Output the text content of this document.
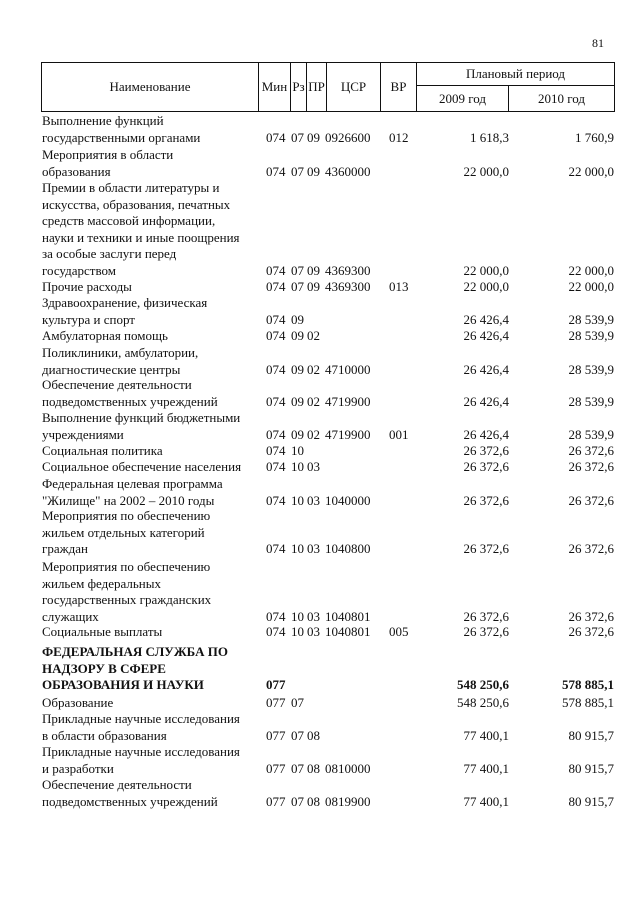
81
Наименование	Мин Рз ПР	ЦСР	ВР
Плановый период
2009 год	2010 год
Выполнение функций
государственными органами	074 07 09 0926600 012	1 618,3	1 760,9
Мероприятия в области
образования	074 07 09 4360000	22 000,0	22 000,0
Премии в области литературы и
искусства, образования, печатных
средств массовой информации,
науки и техники и иные поощрения
за особые заслуги перед
государством	074 07 09 4369300	22 000,0	22 000,0
Прочие расходы	074 07 09 4369300 013	22 000,0	22 000,0
Здравоохранение, физическая
культура и спорт	074 09	26 426,4	28 539,9
Амбулаторная помощь	074 09 02	26 426,4	28 539,9
Поликлиники, амбулатории,
диагностические центры	074 09 02 4710000	26 426,4	28 539,9
Обеспечение деятельности
подведомственных учреждений	074 09 02 4719900	26 426,4	28 539,9
Выполнение функций бюджетными
учреждениями	074 09 02 4719900 001	26 426,4	28 539,9
Социальная политика	074 10	26 372,6	26 372,6
Социальное обеспечение населения	074 10 03	26 372,6	26 372,6
Федеральная целевая программа
"Жилище" на 2002 – 2010 годы	074 10 03 1040000	26 372,6	26 372,6
Мероприятия по обеспечению
жильем отдельных категорий
граждан	074 10 03 1040800	26 372,6	26 372,6
Мероприятия по обеспечению
жильем федеральных
государственных гражданских
служащих	074 10 03 1040801	26 372,6	26 372,6
Социальные выплаты	074 10 03 1040801 005	26 372,6	26 372,6
ФЕДЕРАЛЬНАЯ СЛУЖБА ПО
НАДЗОРУ В СФЕРЕ
ОБРАЗОВАНИЯ И НАУКИ	077	548 250,6	578 885,1
Образование	077 07	548 250,6	578 885,1
Прикладные научные исследования
в области образования	077 07 08	77 400,1	80 915,7
Прикладные научные исследования
и разработки	077 07 08 0810000	77 400,1	80 915,7
Обеспечение деятельности
подведомственных учреждений	077 07 08 0819900	77 400,1	80 915,7
